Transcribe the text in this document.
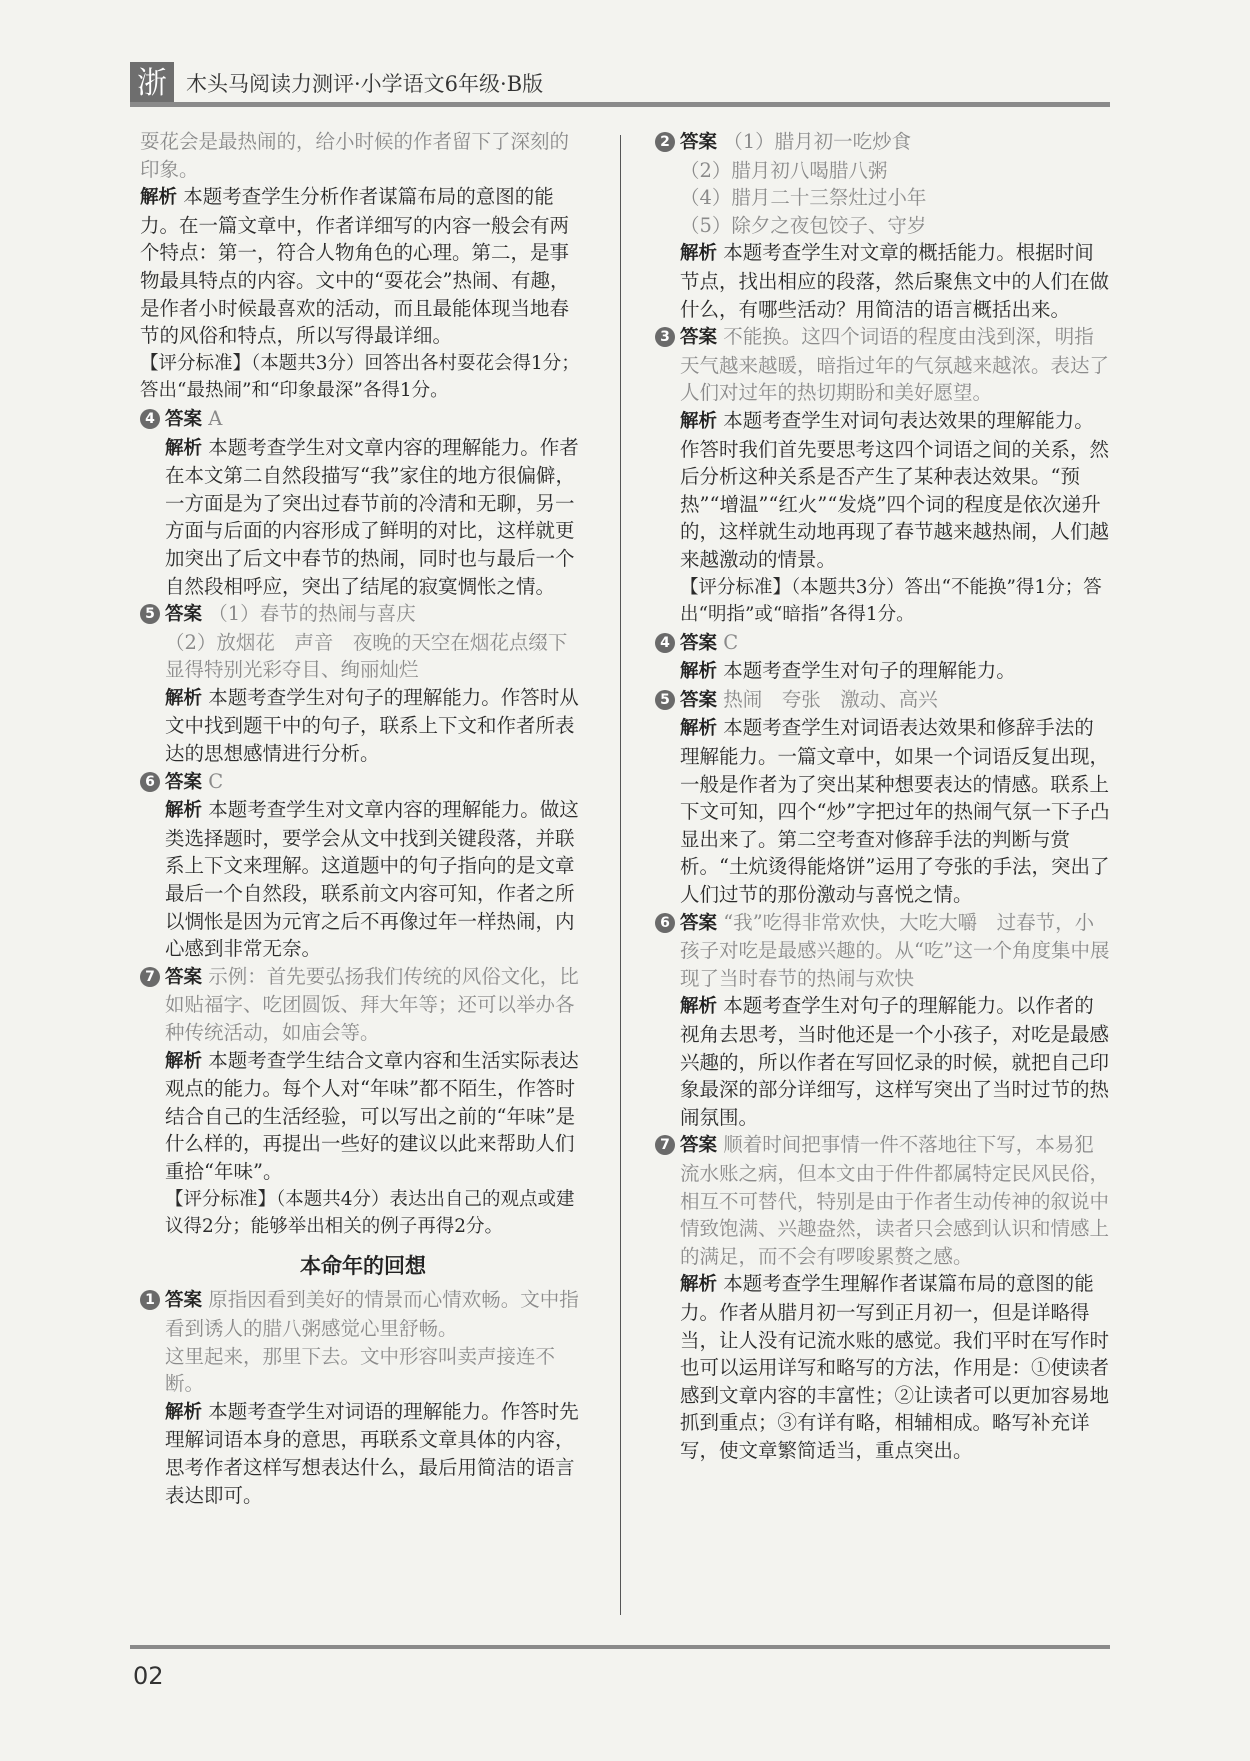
浙 木头马阅读力测评·小学语文6年级·B版
耍花会是最热闹的，给小时候的作者留下了深刻的印象。
解析 本题考查学生分析作者谋篇布局的意图的能力。在一篇文章中，作者详细写的内容一般会有两个特点：第一，符合人物角色的心理。第二，是事物最具特点的内容。文中的“耍花会”热闹、有趣，是作者小时候最喜欢的活动，而且最能体现当地春节的风俗和特点，所以写得最详细。
【评分标准】（本题共3分）回答出各村耍花会得1分；答出“最热闹”和“印象最深”各得1分。
4 答案 A
解析 本题考查学生对文章内容的理解能力。作者在本文第二自然段描写“我”家住的地方很偏僻，一方面是为了突出过春节前的冷清和无聊，另一方面与后面的内容形成了鲜明的对比，这样就更加突出了后文中春节的热闹，同时也与最后一个自然段相呼应，突出了结尾的寂寞惆怅之情。
5 答案 （1）春节的热闹与喜庆
（2）放烟花　声音　夜晚的天空在烟花点缀下显得特别光彩夺目、绚丽灿烂
解析 本题考查学生对句子的理解能力。作答时从文中找到题干中的句子，联系上下文和作者所表达的思想感情进行分析。
6 答案 C
解析 本题考查学生对文章内容的理解能力。做这类选择题时，要学会从文中找到关键段落，并联系上下文来理解。这道题中的句子指向的是文章最后一个自然段，联系前文内容可知，作者之所以惆怅是因为元宵之后不再像过年一样热闹，内心感到非常无奈。
7 答案 示例：首先要弘扬我们传统的风俗文化，比如贴福字、吃团圆饭、拜大年等；还可以举办各种传统活动，如庙会等。
解析 本题考查学生结合文章内容和生活实际表达观点的能力。每个人对“年味”都不陌生，作答时结合自己的生活经验，可以写出之前的“年味”是什么样的，再提出一些好的建议以此来帮助人们重拾“年味”。
【评分标准】（本题共4分）表达出自己的观点或建议得2分；能够举出相关的例子再得2分。
本命年的回想
1 答案 原指因看到美好的情景而心情欢畅。文中指看到诱人的腊八粥感觉心里舒畅。
这里起来，那里下去。文中形容叫卖声接连不断。
解析 本题考查学生对词语的理解能力。作答时先理解词语本身的意思，再联系文章具体的内容，思考作者这样写想表达什么，最后用简洁的语言表达即可。
2 答案 （1）腊月初一吃炒食
（2）腊月初八喝腊八粥
（4）腊月二十三祭灶过小年
（5）除夕之夜包饺子、守岁
解析 本题考查学生对文章的概括能力。根据时间节点，找出相应的段落，然后聚焦文中的人们在做什么，有哪些活动？用简洁的语言概括出来。
3 答案 不能换。这四个词语的程度由浅到深，明指天气越来越暖，暗指过年的气氛越来越浓。表达了人们对过年的热切期盼和美好愿望。
解析 本题考查学生对词句表达效果的理解能力。作答时我们首先要思考这四个词语之间的关系，然后分析这种关系是否产生了某种表达效果。“预热”“增温”“红火”“发烧”四个词的程度是依次递升的，这样就生动地再现了春节越来越热闹，人们越来越激动的情景。
【评分标准】（本题共3分）答出“不能换”得1分；答出“明指”或“暗指”各得1分。
4 答案 C
解析 本题考查学生对句子的理解能力。
5 答案 热闹　夸张　激动、高兴
解析 本题考查学生对词语表达效果和修辞手法的理解能力。一篇文章中，如果一个词语反复出现，一般是作者为了突出某种想要表达的情感。联系上下文可知，四个“炒”字把过年的热闹气氛一下子凸显出来了。第二空考查对修辞手法的判断与赏析。“土炕烫得能烙饼”运用了夸张的手法，突出了人们过节的那份激动与喜悦之情。
6 答案 “我”吃得非常欢快，大吃大嚼　过春节，小孩子对吃是最感兴趣的。从“吃”这一个角度集中展现了当时春节的热闹与欢快
解析 本题考查学生对句子的理解能力。以作者的视角去思考，当时他还是一个小孩子，对吃是最感兴趣的，所以作者在写回忆录的时候，就把自己印象最深的部分详细写，这样写突出了当时过节的热闹氛围。
7 答案 顺着时间把事情一件不落地往下写，本易犯流水账之病，但本文由于件件都属特定民风民俗，相互不可替代，特别是由于作者生动传神的叙说中情致饱满、兴趣盎然，读者只会感到认识和情感上的满足，而不会有啰唆累赘之感。
解析 本题考查学生理解作者谋篇布局的意图的能力。作者从腊月初一写到正月初一，但是详略得当，让人没有记流水账的感觉。我们平时在写作时也可以运用详写和略写的方法，作用是：①使读者感到文章内容的丰富性；②让读者可以更加容易地抓到重点；③有详有略，相辅相成。略写补充详写，使文章繁简适当，重点突出。
02
